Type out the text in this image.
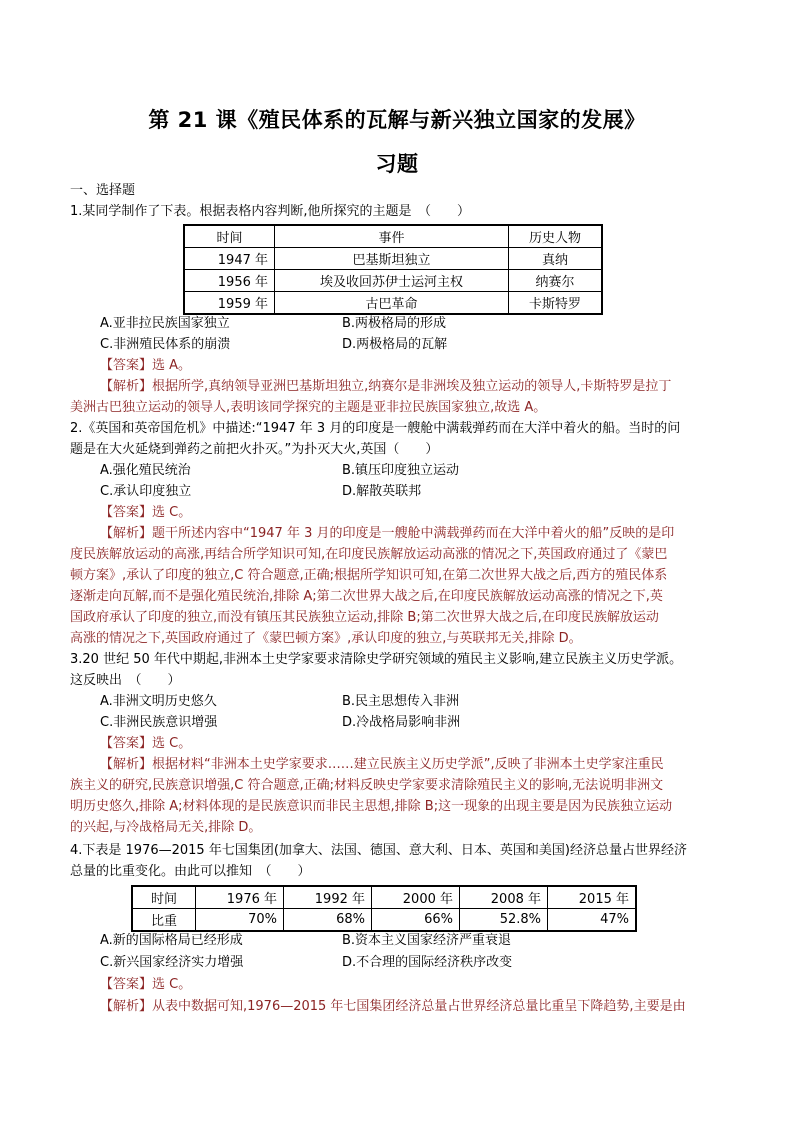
第 21 课《殖民体系的瓦解与新兴独立国家的发展》
习题
一、选择题
1.某同学制作了下表。根据表格内容判断,他所探究的主题是　（　　）
时间	事件	历史人物
1947 年	巴基斯坦独立	真纳
1956 年	埃及收回苏伊士运河主权	纳赛尔
1959 年	古巴革命	卡斯特罗
A.亚非拉民族国家独立	B.两极格局的形成
C.非洲殖民体系的崩溃	D.两极格局的瓦解
【答案】选 A。
【解析】根据所学,真纳领导亚洲巴基斯坦独立,纳赛尔是非洲埃及独立运动的领导人,卡斯特罗是拉丁
美洲古巴独立运动的领导人,表明该同学探究的主题是亚非拉民族国家独立,故选 A。
2.《英国和英帝国危机》中描述:“1947 年 3 月的印度是一艘舱中满载弹药而在大洋中着火的船。当时的问
题是在大火延烧到弹药之前把火扑灭。”为扑灭大火,英国（　　）
A.强化殖民统治	B.镇压印度独立运动
C.承认印度独立	D.解散英联邦
【答案】选 C。
【解析】题干所述内容中“1947 年 3 月的印度是一艘舱中满载弹药而在大洋中着火的船”反映的是印
度民族解放运动的高涨,再结合所学知识可知,在印度民族解放运动高涨的情况之下,英国政府通过了《蒙巴
顿方案》,承认了印度的独立,C 符合题意,正确;根据所学知识可知,在第二次世界大战之后,西方的殖民体系
逐渐走向瓦解,而不是强化殖民统治,排除 A;第二次世界大战之后,在印度民族解放运动高涨的情况之下,英
国政府承认了印度的独立,而没有镇压其民族独立运动,排除 B;第二次世界大战之后,在印度民族解放运动
高涨的情况之下,英国政府通过了《蒙巴顿方案》,承认印度的独立,与英联邦无关,排除 D。
3.20 世纪 50 年代中期起,非洲本土史学家要求清除史学研究领域的殖民主义影响,建立民族主义历史学派。
这反映出　（　　）
A.非洲文明历史悠久	B.民主思想传入非洲
C.非洲民族意识增强	D.冷战格局影响非洲
【答案】选 C。
【解析】根据材料“非洲本土史学家要求……建立民族主义历史学派”,反映了非洲本土史学家注重民
族主义的研究,民族意识增强,C 符合题意,正确;材料反映史学家要求清除殖民主义的影响,无法说明非洲文
明历史悠久,排除 A;材料体现的是民族意识而非民主思想,排除 B;这一现象的出现主要是因为民族独立运动
的兴起,与冷战格局无关,排除 D。
4.下表是 1976—2015 年七国集团(加拿大、法国、德国、意大利、日本、英国和美国)经济总量占世界经济
总量的比重变化。由此可以推知　（　　）
时间	1976 年	1992 年	2000 年	2008 年	2015 年
比重	70%	68%	66%	52.8%	47%
A.新的国际格局已经形成	B.资本主义国家经济严重衰退
C.新兴国家经济实力增强	D.不合理的国际经济秩序改变
【答案】选 C。
【解析】从表中数据可知,1976—2015 年七国集团经济总量占世界经济总量比重呈下降趋势,主要是由
